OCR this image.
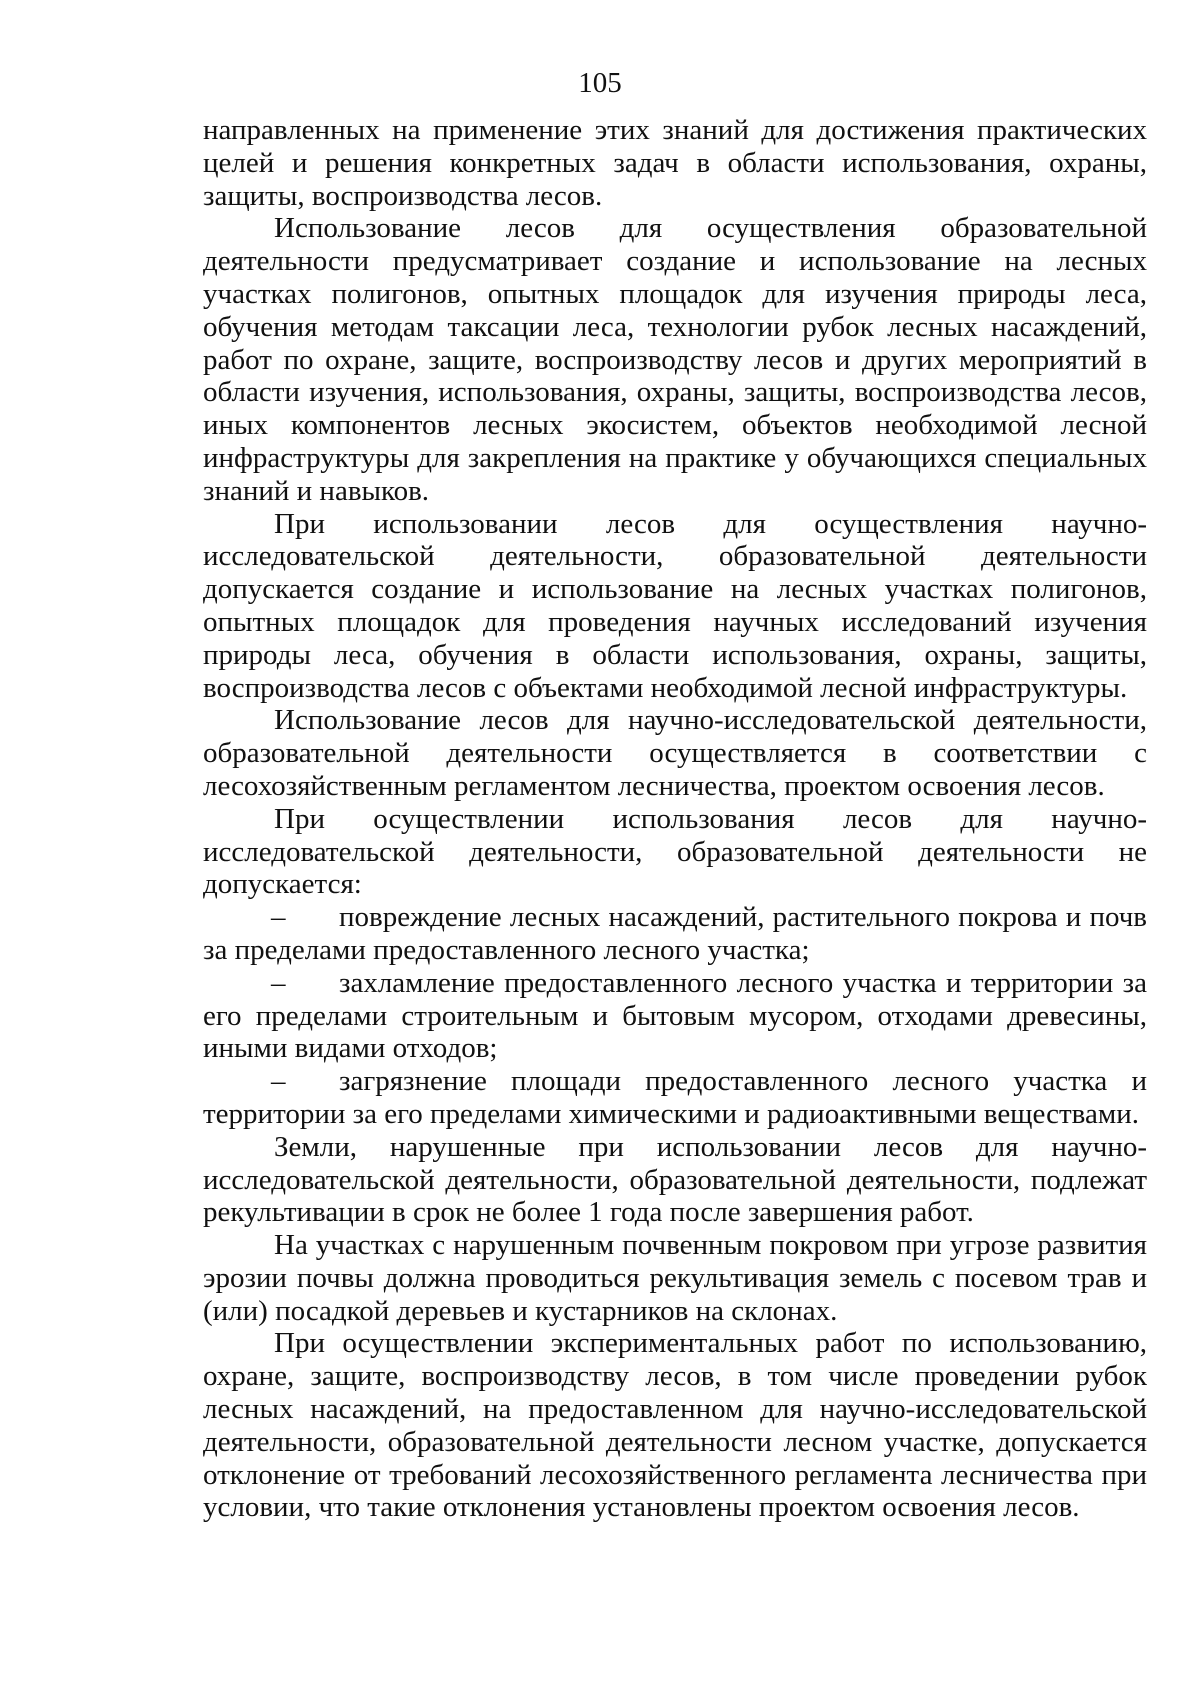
105

направленных на применение этих знаний для достижения практических целей и решения конкретных задач в области использования, охраны, защиты, воспроизводства лесов.

Использование лесов для осуществления образовательной деятельности предусматривает создание и использование на лесных участках полигонов, опытных площадок для изучения природы леса, обучения методам таксации леса, технологии рубок лесных насаждений, работ по охране, защите, воспроизводству лесов и других мероприятий в области изучения, использования, охраны, защиты, воспроизводства лесов, иных компонентов лесных экосистем, объектов необходимой лесной инфраструктуры для закрепления на практике у обучающихся специальных знаний и навыков.

При использовании лесов для осуществления научно-исследовательской деятельности, образовательной деятельности допускается создание и использование на лесных участках полигонов, опытных площадок для проведения научных исследований изучения природы леса, обучения в области использования, охраны, защиты, воспроизводства лесов с объектами необходимой лесной инфраструктуры.

Использование лесов для научно-исследовательской деятельности, образовательной деятельности осуществляется в соответствии с лесохозяйственным регламентом лесничества, проектом освоения лесов.

При осуществлении использования лесов для научно-исследовательской деятельности, образовательной деятельности не допускается:

– повреждение лесных насаждений, растительного покрова и почв за пределами предоставленного лесного участка;

– захламление предоставленного лесного участка и территории за его пределами строительным и бытовым мусором, отходами древесины, иными видами отходов;

– загрязнение площади предоставленного лесного участка и территории за его пределами химическими и радиоактивными веществами.

Земли, нарушенные при использовании лесов для научно-исследовательской деятельности, образовательной деятельности, подлежат рекультивации в срок не более 1 года после завершения работ.

На участках с нарушенным почвенным покровом при угрозе развития эрозии почвы должна проводиться рекультивация земель с посевом трав и (или) посадкой деревьев и кустарников на склонах.

При осуществлении экспериментальных работ по использованию, охране, защите, воспроизводству лесов, в том числе проведении рубок лесных насаждений, на предоставленном для научно-исследовательской деятельности, образовательной деятельности лесном участке, допускается отклонение от требований лесохозяйственного регламента лесничества при условии, что такие отклонения установлены проектом освоения лесов.
